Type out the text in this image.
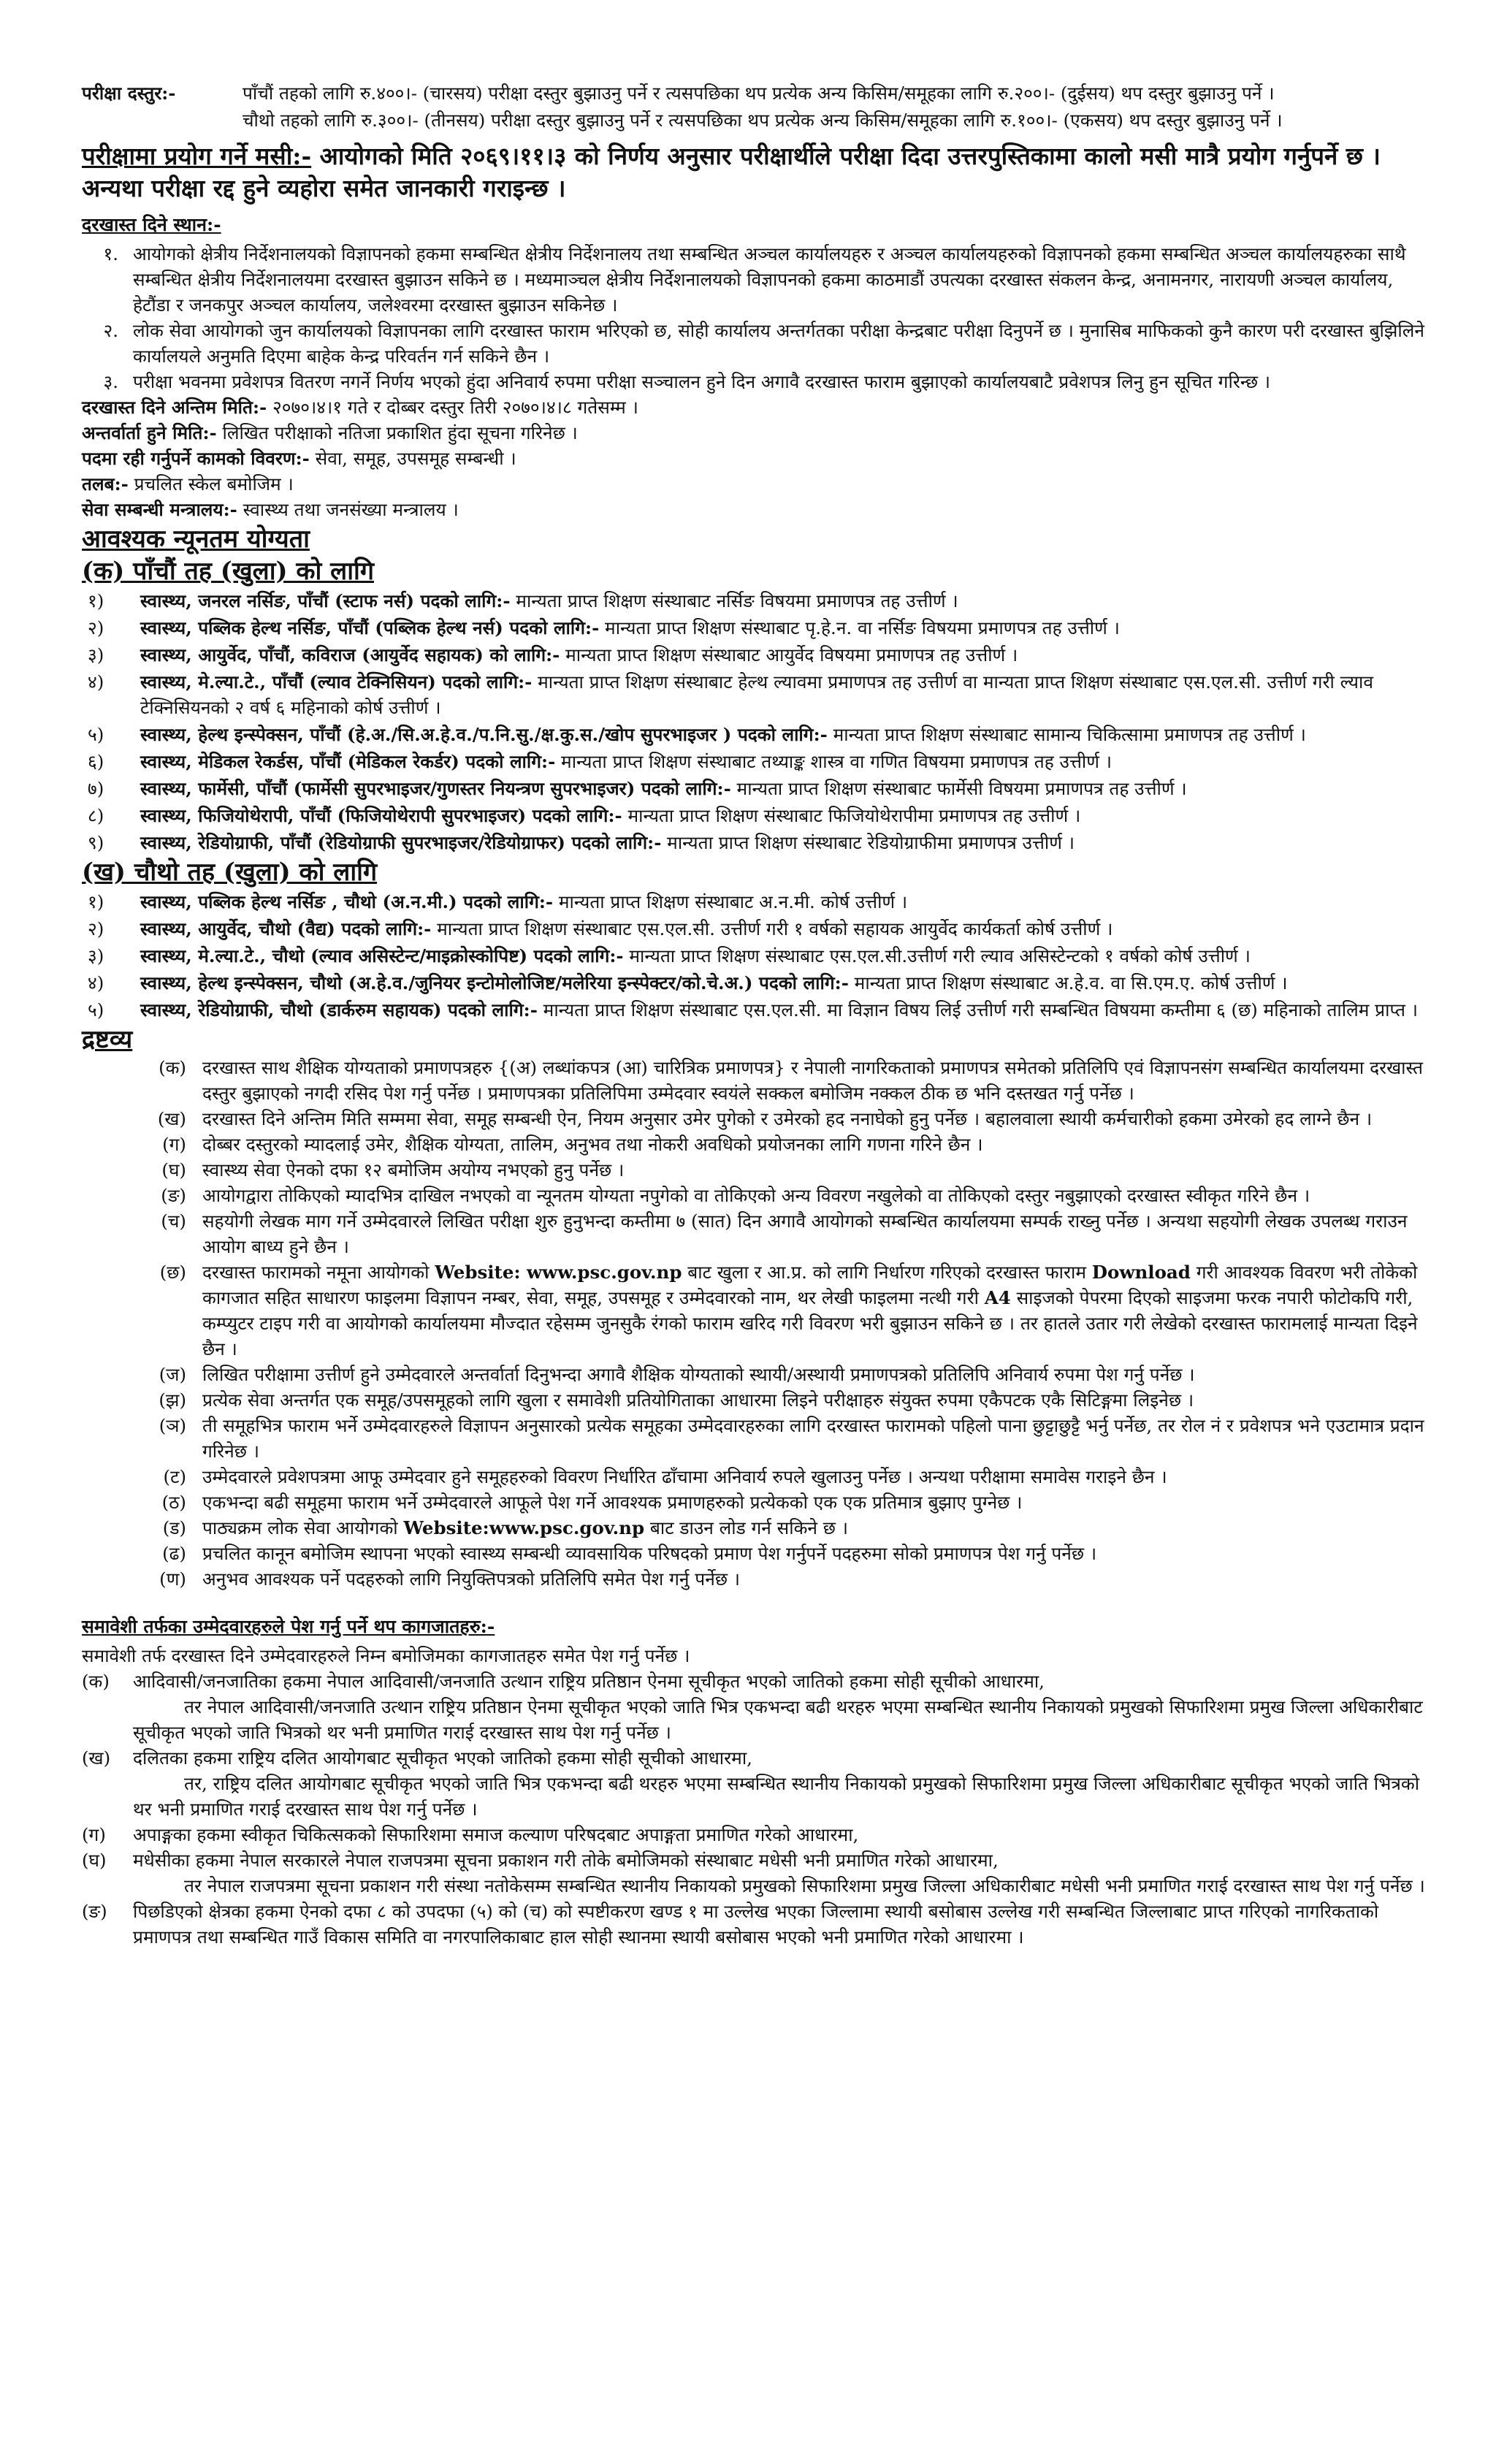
परीक्षा दस्तुर:-	पाँचौं तहको लागि रु.४००।- (चारसय) परीक्षा दस्तुर बुझाउनु पर्ने र त्यसपछिका थप प्रत्येक अन्य किसिम/समूहका लागि रु.२००।- (दुईसय) थप दस्तुर बुझाउनु पर्ने ।

चौथो तहको लागि रु.३००।- (तीनसय) परीक्षा दस्तुर बुझाउनु पर्ने र त्यसपछिका थप प्रत्येक अन्य किसिम/समूहका लागि रु.१००।- (एकसय) थप दस्तुर बुझाउनु पर्ने ।

परीक्षामा प्रयोग गर्ने मसी:- आयोगको मिति २०६९।११।३ को निर्णय अनुसार परीक्षार्थीले परीक्षा दिदा उत्तरपुस्तिकामा कालो मसी मात्रै प्रयोग गर्नुपर्ने छ । अन्यथा परीक्षा रद्द हुने व्यहोरा समेत जानकारी गराइन्छ ।
दरखास्त दिने स्थान:-
१. आयोगको क्षेत्रीय निर्देशनालयको विज्ञापनको हकमा सम्बन्धित क्षेत्रीय निर्देशनालय तथा सम्बन्धित अञ्चल कार्यालयहरु र अञ्चल कार्यालयहरुको विज्ञापनको हकमा सम्बन्धित अञ्चल कार्यालयहरुका साथै सम्बन्धित क्षेत्रीय निर्देशनालयमा दरखास्त बुझाउन सकिने छ । मध्यमाञ्चल क्षेत्रीय निर्देशनालयको विज्ञापनको हकमा काठमाडौं उपत्यका दरखास्त संकलन केन्द्र, अनामनगर, नारायणी अञ्चल कार्यालय, हेटौंडा र जनकपुर अञ्चल कार्यालय, जलेश्वरमा दरखास्त बुझाउन सकिनेछ ।
२. लोक सेवा आयोगको जुन कार्यालयको विज्ञापनका लागि दरखास्त फाराम भरिएको छ, सोही कार्यालय अन्तर्गतका परीक्षा केन्द्रबाट परीक्षा दिनुपर्ने छ । मुनासिब माफिकको कुनै कारण परी दरखास्त बुझिलिने कार्यालयले अनुमति दिएमा बाहेक केन्द्र परिवर्तन गर्न सकिने छैन ।
३. परीक्षा भवनमा प्रवेशपत्र वितरण नगर्ने निर्णय भएको हुंदा अनिवार्य रुपमा परीक्षा सञ्चालन हुने दिन अगावै दरखास्त फाराम बुझाएको कार्यालयबाटै प्रवेशपत्र लिनु हुन सूचित गरिन्छ ।
दरखास्त दिने अन्तिम मिति:- २०७०।४।१ गते र दोब्बर दस्तुर तिरी २०७०।४।८ गतेसम्म ।
अन्तर्वार्ता हुने मिति:- लिखित परीक्षाको नतिजा प्रकाशित हुंदा सूचना गरिनेछ ।
पदमा रही गर्नुपर्ने कामको विवरण:- सेवा, समूह, उपसमूह सम्बन्धी ।
तलब:- प्रचलित स्केल बमोजिम ।
सेवा सम्बन्धी मन्त्रालय:- स्वास्थ्य तथा जनसंख्या मन्त्रालय ।
आवश्यक न्यूनतम योग्यता
(क) पाँचौं तह (खुला) को लागि
१)	स्वास्थ्य, जनरल नर्सिङ, पाँचौं (स्टाफ नर्स) पदको लागि:- मान्यता प्राप्त शिक्षण संस्थाबाट नर्सिङ विषयमा प्रमाणपत्र तह उत्तीर्ण ।
२)	स्वास्थ्य, पब्लिक हेल्थ नर्सिङ, पाँचौं (पब्लिक हेल्थ नर्स) पदको लागि:- मान्यता प्राप्त शिक्षण संस्थाबाट पृ.हे.न. वा नर्सिङ विषयमा प्रमाणपत्र तह उत्तीर्ण ।
३)	स्वास्थ्य, आयुर्वेद, पाँचौं, कविराज (आयुर्वेद सहायक) को लागि:- मान्यता प्राप्त शिक्षण संस्थाबाट आयुर्वेद विषयमा प्रमाणपत्र तह उत्तीर्ण ।
४)	स्वास्थ्य, मे.ल्या.टे., पाँचौं (ल्याव टेक्निसियन) पदको लागि:- मान्यता प्राप्त शिक्षण संस्थाबाट हेल्थ ल्यावमा प्रमाणपत्र तह उत्तीर्ण वा मान्यता प्राप्त शिक्षण संस्थाबाट एस.एल.सी. उत्तीर्ण गरी ल्याव टेक्निसियनको २ वर्ष ६ महिनाको कोर्ष उत्तीर्ण ।
५)	स्वास्थ्य, हेल्थ इन्स्पेक्सन, पाँचौं (हे.अ./सि.अ.हे.व./प.नि.सु./क्ष.कु.स./खोप सुपरभाइजर ) पदको लागि:- मान्यता प्राप्त शिक्षण संस्थाबाट सामान्य चिकित्सामा प्रमाणपत्र तह उत्तीर्ण ।
६)	स्वास्थ्य, मेडिकल रेकर्डस, पाँचौं (मेडिकल रेकर्डर) पदको लागि:- मान्यता प्राप्त शिक्षण संस्थाबाट तथ्याङ्क शास्त्र वा गणित विषयमा प्रमाणपत्र तह उत्तीर्ण ।
७)	स्वास्थ्य, फार्मेसी, पाँचौं (फार्मेसी सुपरभाइजर/गुणस्तर नियन्त्रण सुपरभाइजर) पदको लागि:- मान्यता प्राप्त शिक्षण संस्थाबाट फार्मेसी विषयमा प्रमाणपत्र तह उत्तीर्ण ।
८)	स्वास्थ्य, फिजियोथेरापी, पाँचौं (फिजियोथेरापी सुपरभाइजर) पदको लागि:- मान्यता प्राप्त शिक्षण संस्थाबाट फिजियोथेरापीमा प्रमाणपत्र तह उत्तीर्ण ।
९)	स्वास्थ्य, रेडियोग्राफी, पाँचौं (रेडियोग्राफी सुपरभाइजर/रेडियोग्राफर) पदको लागि:- मान्यता प्राप्त शिक्षण संस्थाबाट रेडियोग्राफीमा प्रमाणपत्र उत्तीर्ण ।
(ख) चौथो तह (खुला) को लागि
१)	स्वास्थ्य, पब्लिक हेल्थ नर्सिङ , चौथो (अ.न.मी.) पदको लागि:- मान्यता प्राप्त शिक्षण संस्थाबाट अ.न.मी. कोर्ष उत्तीर्ण ।
२)	स्वास्थ्य, आयुर्वेद, चौथो (वैद्य) पदको लागि:- मान्यता प्राप्त शिक्षण संस्थाबाट एस.एल.सी. उत्तीर्ण गरी १ वर्षको सहायक आयुर्वेद कार्यकर्ता कोर्ष उत्तीर्ण ।
३)	स्वास्थ्य, मे.ल्या.टे., चौथो (ल्याव असिस्टेन्ट/माइक्रोस्कोपिष्ट) पदको लागि:- मान्यता प्राप्त शिक्षण संस्थाबाट एस.एल.सी.उत्तीर्ण गरी ल्याव असिस्टेन्टको १ वर्षको कोर्ष उत्तीर्ण ।
४)	स्वास्थ्य, हेल्थ इन्स्पेक्सन, चौथो (अ.हे.व./जुनियर इन्टोमोलोजिष्ट/मलेरिया इन्स्पेक्टर/को.चे.अ.) पदको लागि:- मान्यता प्राप्त शिक्षण संस्थाबाट अ.हे.व. वा सि.एम.ए. कोर्ष उत्तीर्ण ।
५)	स्वास्थ्य, रेडियोग्राफी, चौथो (डार्करुम सहायक) पदको लागि:- मान्यता प्राप्त शिक्षण संस्थाबाट एस.एल.सी. मा विज्ञान विषय लिई उत्तीर्ण गरी सम्बन्धित विषयमा कम्तीमा ६ (छ) महिनाको तालिम प्राप्त ।
द्रष्टव्य
(क) दरखास्त साथ शैक्षिक योग्यताको प्रमाणपत्रहरु {(अ) लब्धांकपत्र (आ) चारित्रिक प्रमाणपत्र} र नेपाली नागरिकताको प्रमाणपत्र समेतको प्रतिलिपि एवं विज्ञापनसंग सम्बन्धित कार्यालयमा दरखास्त दस्तुर बुझाएको नगदी रसिद पेश गर्नु पर्नेछ । प्रमाणपत्रका प्रतिलिपिमा उम्मेदवार स्वयंले सक्कल बमोजिम नक्कल ठीक छ भनि दस्तखत गर्नु पर्नेछ ।
(ख) दरखास्त दिने अन्तिम मिति सम्ममा सेवा, समूह सम्बन्धी ऐन, नियम अनुसार उमेर पुगेको र उमेरको हद ननाघेको हुनु पर्नेछ । बहालवाला स्थायी कर्मचारीको हकमा उमेरको हद लाग्ने छैन ।
(ग) दोब्बर दस्तुरको म्यादलाई उमेर, शैक्षिक योग्यता, तालिम, अनुभव तथा नोकरी अवधिको प्रयोजनका लागि गणना गरिने छैन ।
(घ) स्वास्थ्य सेवा ऐनको दफा १२ बमोजिम अयोग्य नभएको हुनु पर्नेछ ।
(ङ) आयोगद्वारा तोकिएको म्यादभित्र दाखिल नभएको वा न्यूनतम योग्यता नपुगेको वा तोकिएको अन्य विवरण नखुलेको वा तोकिएको दस्तुर नबुझाएको दरखास्त स्वीकृत गरिने छैन ।
(च) सहयोगी लेखक माग गर्ने उम्मेदवारले लिखित परीक्षा शुरु हुनुभन्दा कम्तीमा ७ (सात) दिन अगावै आयोगको सम्बन्धित कार्यालयमा सम्पर्क राख्नु पर्नेछ । अन्यथा सहयोगी लेखक उपलब्ध गराउन आयोग बाध्य हुने छैन ।
(छ) दरखास्त फारामको नमूना आयोगको Website: www.psc.gov.np बाट खुला र आ.प्र. को लागि निर्धारण गरिएको दरखास्त फाराम Download गरी आवश्यक विवरण भरी तोकेको कागजात सहित साधारण फाइलमा विज्ञापन नम्बर, सेवा, समूह, उपसमूह र उम्मेदवारको नाम, थर लेखी फाइलमा नत्थी गरी A4 साइजको पेपरमा दिएको साइजमा फरक नपारी फोटोकपि गरी, कम्प्युटर टाइप गरी वा आयोगको कार्यालयमा मौज्दात रहेसम्म जुनसुकै रंगको फाराम खरिद गरी विवरण भरी बुझाउन सकिने छ । तर हातले उतार गरी लेखेको दरखास्त फारामलाई मान्यता दिइने छैन ।
(ज) लिखित परीक्षामा उत्तीर्ण हुने उम्मेदवारले अन्तर्वार्ता दिनुभन्दा अगावै शैक्षिक योग्यताको स्थायी/अस्थायी प्रमाणपत्रको प्रतिलिपि अनिवार्य रुपमा पेश गर्नु पर्नेछ ।
(झ) प्रत्येक सेवा अन्तर्गत एक समूह/उपसमूहको लागि खुला र समावेशी प्रतियोगिताका आधारमा लिइने परीक्षाहरु संयुक्त रुपमा एकैपटक एकै सिटिङ्गमा लिइनेछ ।
(ञ) ती समूहभित्र फाराम भर्ने उम्मेदवारहरुले विज्ञापन अनुसारको प्रत्येक समूहका उम्मेदवारहरुका लागि दरखास्त फारामको पहिलो पाना छुट्टाछुट्टै भर्नु पर्नेछ, तर रोल नं र प्रवेशपत्र भने एउटामात्र प्रदान गरिनेछ ।
(ट) उम्मेदवारले प्रवेशपत्रमा आफू उम्मेदवार हुने समूहहरुको विवरण निर्धारित ढाँचामा अनिवार्य रुपले खुलाउनु पर्नेछ । अन्यथा परीक्षामा समावेस गराइने छैन ।
(ठ) एकभन्दा बढी समूहमा फाराम भर्ने उम्मेदवारले आफूले पेश गर्ने आवश्यक प्रमाणहरुको प्रत्येकको एक एक प्रतिमात्र बुझाए पुग्नेछ ।
(ड) पाठ्यक्रम लोक सेवा आयोगको Website:www.psc.gov.np बाट डाउन लोड गर्न सकिने छ ।
(ढ) प्रचलित कानून बमोजिम स्थापना भएको स्वास्थ्य सम्बन्धी व्यावसायिक परिषदको प्रमाण पेश गर्नुपर्ने पदहरुमा सोको प्रमाणपत्र पेश गर्नु पर्नेछ ।
(ण) अनुभव आवश्यक पर्ने पदहरुको लागि नियुक्तिपत्रको प्रतिलिपि समेत पेश गर्नु पर्नेछ ।
समावेशी तर्फका उम्मेदवारहरुले पेश गर्नु पर्ने थप कागजातहरु:-

समावेशी तर्फ दरखास्त दिने उम्मेदवारहरुले निम्न बमोजिमका कागजातहरु समेत पेश गर्नु पर्नेछ ।

(क)	आदिवासी/जनजातिका हकमा नेपाल आदिवासी/जनजाति उत्थान राष्ट्रिय प्रतिष्ठान ऐनमा सूचीकृत भएको जातिको हकमा सोही सूचीको आधारमा,
तर नेपाल आदिवासी/जनजाति उत्थान राष्ट्रिय प्रतिष्ठान ऐनमा सूचीकृत भएको जाति भित्र एकभन्दा बढी थरहरु भएमा सम्बन्धित स्थानीय निकायको प्रमुखको सिफारिशमा प्रमुख जिल्ला अधिकारीबाट सूचीकृत भएको जाति भित्रको थर भनी प्रमाणित गराई दरखास्त साथ पेश गर्नु पर्नेछ ।
(ख)	दलितका हकमा राष्ट्रिय दलित आयोगबाट सूचीकृत भएको जातिको हकमा सोही सूचीको आधारमा,
तर, राष्ट्रिय दलित आयोगबाट सूचीकृत भएको जाति भित्र एकभन्दा बढी थरहरु भएमा सम्बन्धित स्थानीय निकायको प्रमुखको सिफारिशमा प्रमुख जिल्ला अधिकारीबाट सूचीकृत भएको जाति भित्रको थर भनी प्रमाणित गराई दरखास्त साथ पेश गर्नु पर्नेछ ।
(ग)	अपाङ्गका हकमा स्वीकृत चिकित्सकको सिफारिशमा समाज कल्याण परिषदबाट अपाङ्गता प्रमाणित गरेको आधारमा,
(घ)	मधेसीका हकमा नेपाल सरकारले नेपाल राजपत्रमा सूचना प्रकाशन गरी तोके बमोजिमको संस्थाबाट मधेसी भनी प्रमाणित गरेको आधारमा,
तर नेपाल राजपत्रमा सूचना प्रकाशन गरी संस्था नतोकेसम्म सम्बन्धित स्थानीय निकायको प्रमुखको सिफारिशमा प्रमुख जिल्ला अधिकारीबाट मधेसी भनी प्रमाणित गराई दरखास्त साथ पेश गर्नु पर्नेछ ।
(ङ)	पिछडिएको क्षेत्रका हकमा ऐनको दफा ८ को उपदफा (५) को (च) को स्पष्टीकरण खण्ड १ मा उल्लेख भएका जिल्लामा स्थायी बसोबास उल्लेख गरी सम्बन्धित जिल्लाबाट प्राप्त गरिएको नागरिकताको प्रमाणपत्र तथा सम्बन्धित गाउँ विकास समिति वा नगरपालिकाबाट हाल सोही स्थानमा स्थायी बसोबास भएको भनी प्रमाणित गरेको आधारमा ।
